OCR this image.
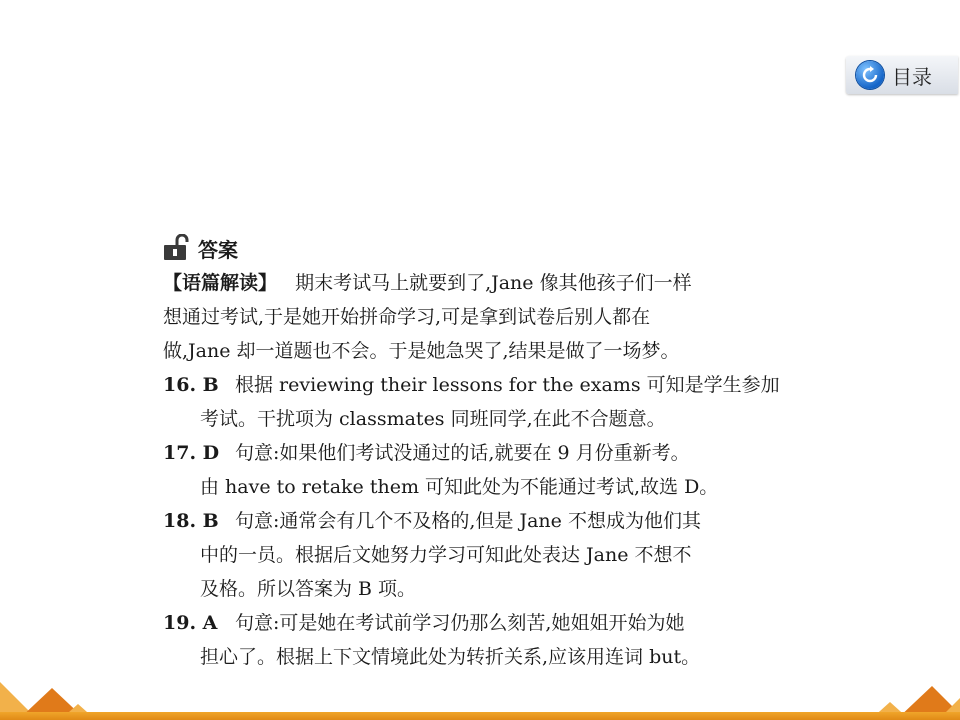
目录
答案
【语篇解读】 期末考试马上就要到了,Jane 像其他孩子们一样
想通过考试,于是她开始拼命学习,可是拿到试卷后别人都在
做,Jane 却一道题也不会。于是她急哭了,结果是做了一场梦。
16. B 根据 reviewing their lessons for the exams 可知是学生参加
考试。干扰项为 classmates 同班同学,在此不合题意。
17. D 句意:如果他们考试没通过的话,就要在 9 月份重新考。
由 have to retake them 可知此处为不能通过考试,故选 D。
18. B 句意:通常会有几个不及格的,但是 Jane 不想成为他们其
中的一员。根据后文她努力学习可知此处表达 Jane 不想不
及格。所以答案为 B 项。
19. A 句意:可是她在考试前学习仍那么刻苦,她姐姐开始为她
担心了。根据上下文情境此处为转折关系,应该用连词 but。
